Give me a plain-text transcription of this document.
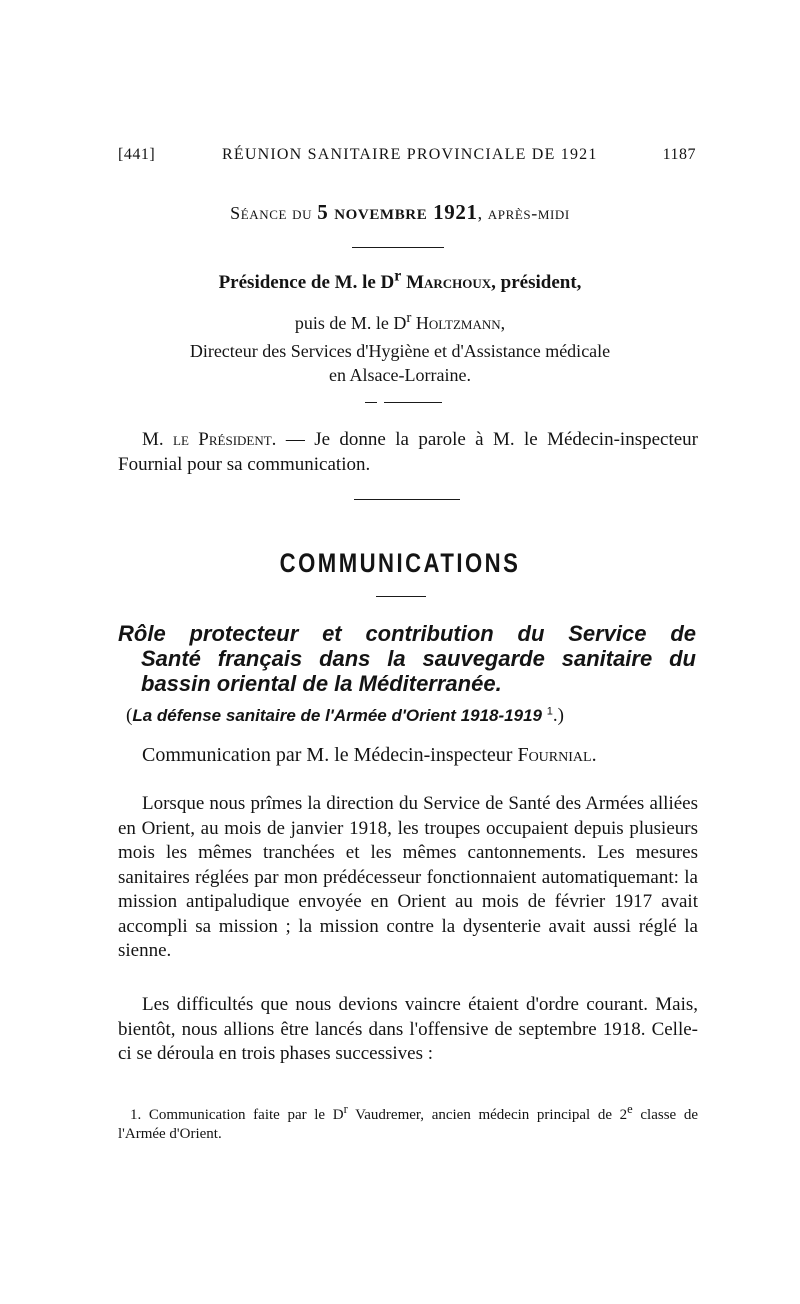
[441]	RÉUNION SANITAIRE PROVINCIALE DE 1921	1187
Séance du 5 novembre 1921, après-midi
Présidence de M. le $D^r$ Marchoux, président,
puis de M. le $D^r$ Holtzmann,
Directeur des Services d'Hygiène et d'Assistance médicale
en Alsace-Lorraine.
M. le Président. — Je donne la parole à M. le Médecin-inspecteur Fournial pour sa communication.
COMMUNICATIONS
Rôle protecteur et contribution du Service de
Santé français dans la sauvegarde sanitaire du
bassin oriental de la Méditerranée.
(La défense sanitaire de l'Armée d'Orient 1918-1919 $^1$.)
Communication par M. le Médecin-inspecteur Fournial.
Lorsque nous prîmes la direction du Service de Santé des Armées alliées en Orient, au mois de janvier 1918, les troupes occupaient depuis plusieurs mois les mêmes tranchées et les mêmes cantonnements. Les mesures sanitaires réglées par mon prédécesseur fonctionnaient automatiquemant: la mission antipaludique envoyée en Orient au mois de février 1917 avait accompli sa mission ; la mission contre la dysenterie avait aussi réglé la sienne.
Les difficultés que nous devions vaincre étaient d'ordre courant. Mais, bientôt, nous allions être lancés dans l'offensive de septembre 1918. Celle-ci se déroula en trois phases successives :
1. Communication faite par le $D^r$ Vaudremer, ancien médecin principal de 2e classe de l'Armée d'Orient.
